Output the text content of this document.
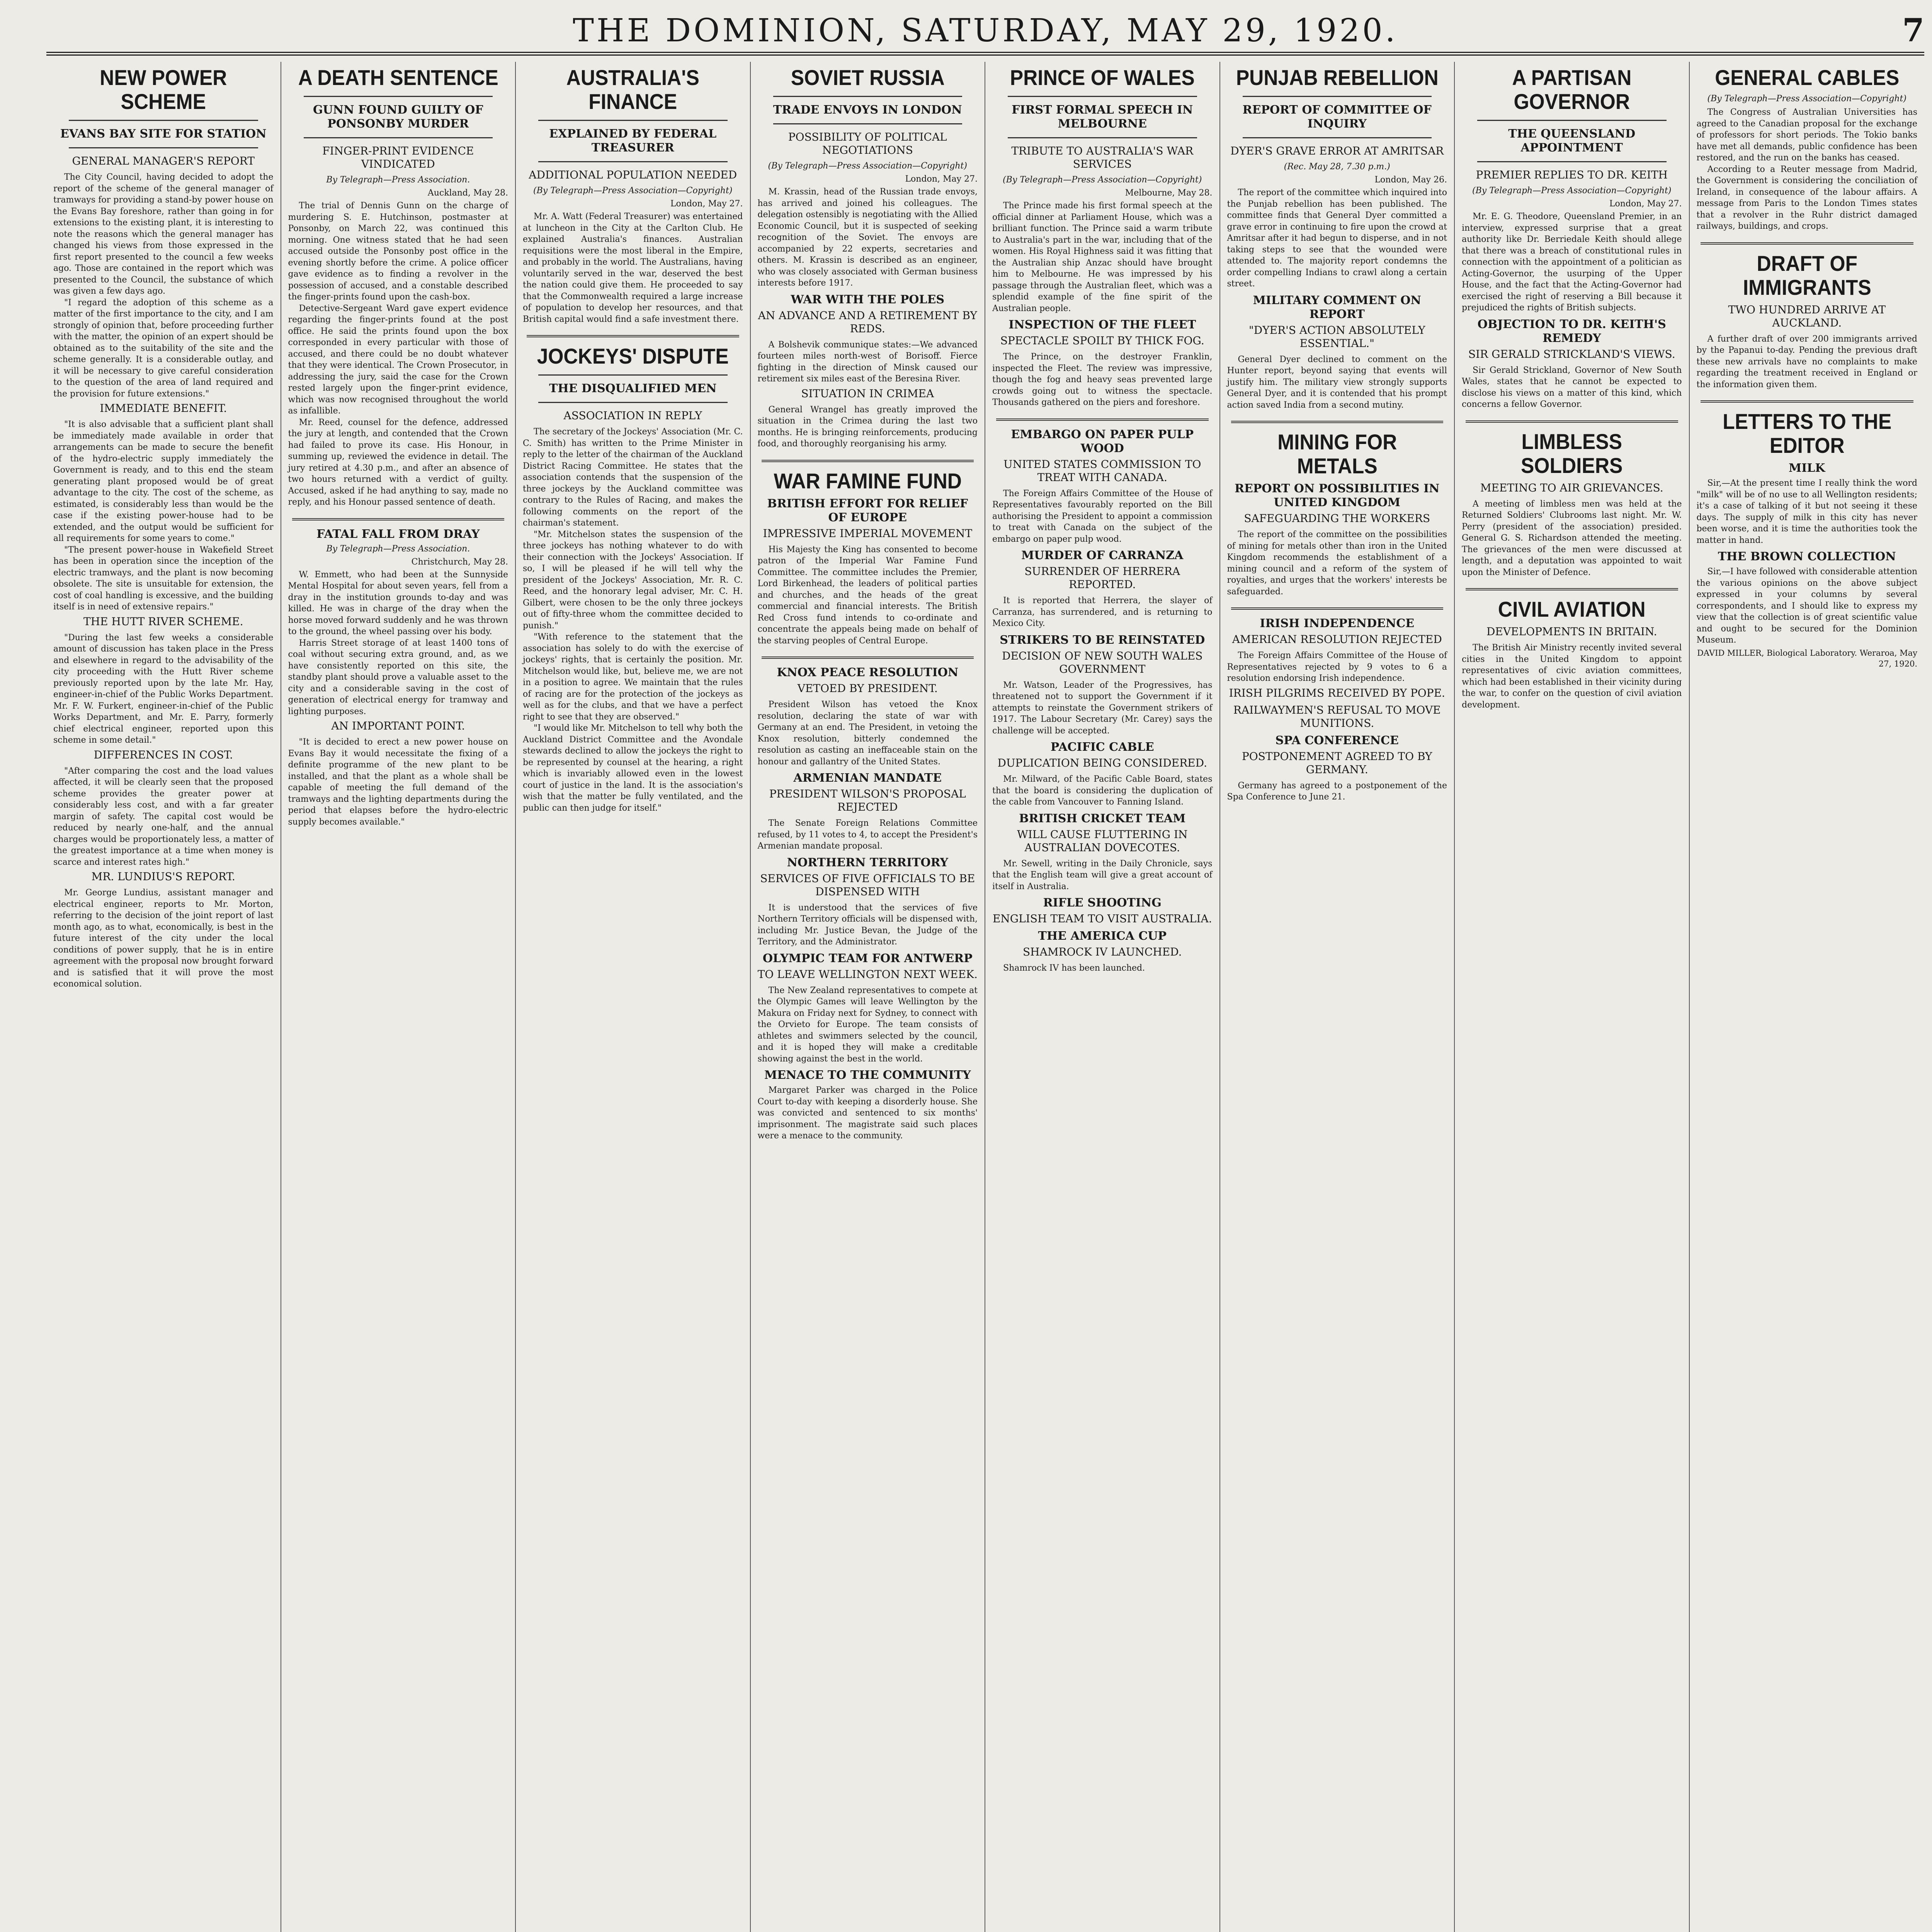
THE DOMINION, SATURDAY, MAY 29, 1920.	7
NEW POWER SCHEME
EVANS BAY SITE FOR STATION
GENERAL MANAGER'S REPORT

The City Council, having decided to adopt the report of the scheme of the general manager of tramways for providing a stand-by power house on the Evans Bay foreshore, rather than going in for extensions to the existing plant, it is interesting to note the reasons which the general manager has changed his views from those expressed in the first report presented to the council a few weeks ago. Those are contained in the report which was presented to the Council, the substance of which was given a few days ago.

"I regard the adoption of this scheme as a matter of the first importance to the city, and I am strongly of opinion that, before proceeding further with the matter, the opinion of an expert should be obtained as to the suitability of the site and the scheme generally. It is a considerable outlay, and it will be necessary to give careful consideration to the question of the area of land required and the provision for future extensions."

IMMEDIATE BENEFIT.

"It is also advisable that a sufficient plant shall be immediately made available in order that arrangements can be made to secure the benefit of the hydro-electric supply immediately the Government is ready, and to this end the steam generating plant proposed would be of great advantage to the city. The cost of the scheme, as estimated, is considerably less than would be the case if the existing power-house had to be extended, and the output would be sufficient for all requirements for some years to come."

"The present power-house in Wakefield Street has been in operation since the inception of the electric tramways, and the plant is now becoming obsolete. The site is unsuitable for extension, the cost of coal handling is excessive, and the building itself is in need of extensive repairs."

THE HUTT RIVER SCHEME.

"During the last few weeks a considerable amount of discussion has taken place in the Press and elsewhere in regard to the advisability of the city proceeding with the Hutt River scheme previously reported upon by the late Mr. Hay, engineer-in-chief of the Public Works Department. Mr. F. W. Furkert, engineer-in-chief of the Public Works Department, and Mr. E. Parry, formerly chief electrical engineer, reported upon this scheme in some detail."

DIFFERENCES IN COST.

"After comparing the cost and the load values affected, it will be clearly seen that the proposed scheme provides the greater power at considerably less cost, and with a far greater margin of safety. The capital cost would be reduced by nearly one-half, and the annual charges would be proportionately less, a matter of the greatest importance at a time when money is scarce and interest rates high."

MR. LUNDIUS'S REPORT.

Mr. George Lundius, assistant manager and electrical engineer, reports to Mr. Morton, referring to the decision of the joint report of last month ago, as to what, economically, is best in the future interest of the city under the local conditions of power supply, that he is in entire agreement with the proposal now brought forward and is satisfied that it will prove the most economical solution.

A DEATH SENTENCE
GUNN FOUND GUILTY OF PONSONBY MURDER
FINGER-PRINT EVIDENCE VINDICATED
By Telegraph—Press Association.
Auckland, May 28.

The trial of Dennis Gunn on the charge of murdering S. E. Hutchinson, postmaster at Ponsonby, on March 22, was continued this morning. One witness stated that he had seen accused outside the Ponsonby post office in the evening shortly before the crime. A police officer gave evidence as to finding a revolver in the possession of accused, and a constable described the finger-prints found upon the cash-box.

Detective-Sergeant Ward gave expert evidence regarding the finger-prints found at the post office. He said the prints found upon the box corresponded in every particular with those of accused, and there could be no doubt whatever that they were identical. The Crown Prosecutor, in addressing the jury, said the case for the Crown rested largely upon the finger-print evidence, which was now recognised throughout the world as infallible.

Mr. Reed, counsel for the defence, addressed the jury at length, and contended that the Crown had failed to prove its case. His Honour, in summing up, reviewed the evidence in detail. The jury retired at 4.30 p.m., and after an absence of two hours returned with a verdict of guilty. Accused, asked if he had anything to say, made no reply, and his Honour passed sentence of death.

FATAL FALL FROM DRAY
By Telegraph—Press Association.
Christchurch, May 28.

W. Emmett, who had been at the Sunnyside Mental Hospital for about seven years, fell from a dray in the institution grounds to-day and was killed. He was in charge of the dray when the horse moved forward suddenly and he was thrown to the ground, the wheel passing over his body.

Harris Street storage of at least 1400 tons of coal without securing extra ground, and, as we have consistently reported on this site, the standby plant should prove a valuable asset to the city and a considerable saving in the cost of generation of electrical energy for tramway and lighting purposes.

AN IMPORTANT POINT.

"It is decided to erect a new power house on Evans Bay it would necessitate the fixing of a definite programme of the new plant to be installed, and that the plant as a whole shall be capable of meeting the full demand of the tramways and the lighting departments during the period that elapses before the hydro-electric supply becomes available."

AUSTRALIA'S FINANCE
EXPLAINED BY FEDERAL TREASURER
ADDITIONAL POPULATION NEEDED
(By Telegraph—Press Association—Copyright)
London, May 27.

Mr. A. Watt (Federal Treasurer) was entertained at luncheon in the City at the Carlton Club. He explained Australia's finances. Australian requisitions were the most liberal in the Empire, and probably in the world. The Australians, having voluntarily served in the war, deserved the best the nation could give them. He proceeded to say that the Commonwealth required a large increase of population to develop her resources, and that British capital would find a safe investment there.

JOCKEYS' DISPUTE
THE DISQUALIFIED MEN
ASSOCIATION IN REPLY

The secretary of the Jockeys' Association (Mr. C. C. Smith) has written to the Prime Minister in reply to the letter of the chairman of the Auckland District Racing Committee. He states that the association contends that the suspension of the three jockeys by the Auckland committee was contrary to the Rules of Racing, and makes the following comments on the report of the chairman's statement.

"Mr. Mitchelson states the suspension of the three jockeys has nothing whatever to do with their connection with the Jockeys' Association. If so, I will be pleased if he will tell why the president of the Jockeys' Association, Mr. R. C. Reed, and the honorary legal adviser, Mr. C. H. Gilbert, were chosen to be the only three jockeys out of fifty-three whom the committee decided to punish."

"With reference to the statement that the association has solely to do with the exercise of jockeys' rights, that is certainly the position. Mr. Mitchelson would like, but, believe me, we are not in a position to agree. We maintain that the rules of racing are for the protection of the jockeys as well as for the clubs, and that we have a perfect right to see that they are observed."

"I would like Mr. Mitchelson to tell why both the Auckland District Committee and the Avondale stewards declined to allow the jockeys the right to be represented by counsel at the hearing, a right which is invariably allowed even in the lowest court of justice in the land. It is the association's wish that the matter be fully ventilated, and the public can then judge for itself."

SOVIET RUSSIA
TRADE ENVOYS IN LONDON
POSSIBILITY OF POLITICAL NEGOTIATIONS
(By Telegraph—Press Association—Copyright)
London, May 27.

M. Krassin, head of the Russian trade envoys, has arrived and joined his colleagues. The delegation ostensibly is negotiating with the Allied Economic Council, but it is suspected of seeking recognition of the Soviet. The envoys are accompanied by 22 experts, secretaries and others. M. Krassin is described as an engineer, who was closely associated with German business interests before 1917.

WAR WITH THE POLES
AN ADVANCE AND A RETIREMENT BY REDS.

A Bolshevik communique states:—We advanced fourteen miles north-west of Borisoff. Fierce fighting in the direction of Minsk caused our retirement six miles east of the Beresina River.

SITUATION IN CRIMEA

General Wrangel has greatly improved the situation in the Crimea during the last two months. He is bringing reinforcements, producing food, and thoroughly reorganising his army.

WAR FAMINE FUND
BRITISH EFFORT FOR RELIEF OF EUROPE
IMPRESSIVE IMPERIAL MOVEMENT

His Majesty the King has consented to become patron of the Imperial War Famine Fund Committee. The committee includes the Premier, Lord Birkenhead, the leaders of political parties and churches, and the heads of the great commercial and financial interests. The British Red Cross fund intends to co-ordinate and concentrate the appeals being made on behalf of the starving peoples of Central Europe.

KNOX PEACE RESOLUTION
VETOED BY PRESIDENT.

President Wilson has vetoed the Knox resolution, declaring the state of war with Germany at an end. The President, in vetoing the Knox resolution, bitterly condemned the resolution as casting an ineffaceable stain on the honour and gallantry of the United States.

ARMENIAN MANDATE
PRESIDENT WILSON'S PROPOSAL REJECTED

The Senate Foreign Relations Committee refused, by 11 votes to 4, to accept the President's Armenian mandate proposal.

NORTHERN TERRITORY
SERVICES OF FIVE OFFICIALS TO BE DISPENSED WITH

It is understood that the services of five Northern Territory officials will be dispensed with, including Mr. Justice Bevan, the Judge of the Territory, and the Administrator.

OLYMPIC TEAM FOR ANTWERP
TO LEAVE WELLINGTON NEXT WEEK.

The New Zealand representatives to compete at the Olympic Games will leave Wellington by the Makura on Friday next for Sydney, to connect with the Orvieto for Europe. The team consists of athletes and swimmers selected by the council, and it is hoped they will make a creditable showing against the best in the world.

MENACE TO THE COMMUNITY

Margaret Parker was charged in the Police Court to-day with keeping a disorderly house. She was convicted and sentenced to six months' imprisonment. The magistrate said such places were a menace to the community.

PRINCE OF WALES
FIRST FORMAL SPEECH IN MELBOURNE
TRIBUTE TO AUSTRALIA'S WAR SERVICES
(By Telegraph—Press Association—Copyright)
Melbourne, May 28.

The Prince made his first formal speech at the official dinner at Parliament House, which was a brilliant function. The Prince said a warm tribute to Australia's part in the war, including that of the women. His Royal Highness said it was fitting that the Australian ship Anzac should have brought him to Melbourne. He was impressed by his passage through the Australian fleet, which was a splendid example of the fine spirit of the Australian people.

INSPECTION OF THE FLEET
SPECTACLE SPOILT BY THICK FOG.

The Prince, on the destroyer Franklin, inspected the Fleet. The review was impressive, though the fog and heavy seas prevented large crowds going out to witness the spectacle. Thousands gathered on the piers and foreshore.

EMBARGO ON PAPER PULP WOOD
UNITED STATES COMMISSION TO TREAT WITH CANADA.

The Foreign Affairs Committee of the House of Representatives favourably reported on the Bill authorising the President to appoint a commission to treat with Canada on the subject of the embargo on paper pulp wood.

MURDER OF CARRANZA
SURRENDER OF HERRERA REPORTED.

It is reported that Herrera, the slayer of Carranza, has surrendered, and is returning to Mexico City.

STRIKERS TO BE REINSTATED
DECISION OF NEW SOUTH WALES GOVERNMENT

Mr. Watson, Leader of the Progressives, has threatened not to support the Government if it attempts to reinstate the Government strikers of 1917. The Labour Secretary (Mr. Carey) says the challenge will be accepted.

PACIFIC CABLE
DUPLICATION BEING CONSIDERED.

Mr. Milward, of the Pacific Cable Board, states that the board is considering the duplication of the cable from Vancouver to Fanning Island.

BRITISH CRICKET TEAM
WILL CAUSE FLUTTERING IN AUSTRALIAN DOVECOTES.

Mr. Sewell, writing in the Daily Chronicle, says that the English team will give a great account of itself in Australia.

RIFLE SHOOTING
ENGLISH TEAM TO VISIT AUSTRALIA.
THE AMERICA CUP
SHAMROCK IV LAUNCHED.

Shamrock IV has been launched.

PUNJAB REBELLION
REPORT OF COMMITTEE OF INQUIRY
DYER'S GRAVE ERROR AT AMRITSAR
(Rec. May 28, 7.30 p.m.)
London, May 26.

The report of the committee which inquired into the Punjab rebellion has been published. The committee finds that General Dyer committed a grave error in continuing to fire upon the crowd at Amritsar after it had begun to disperse, and in not taking steps to see that the wounded were attended to. The majority report condemns the order compelling Indians to crawl along a certain street.

MILITARY COMMENT ON REPORT
"DYER'S ACTION ABSOLUTELY ESSENTIAL."

General Dyer declined to comment on the Hunter report, beyond saying that events will justify him. The military view strongly supports General Dyer, and it is contended that his prompt action saved India from a second mutiny.

MINING FOR METALS
REPORT ON POSSIBILITIES IN UNITED KINGDOM
SAFEGUARDING THE WORKERS

The report of the committee on the possibilities of mining for metals other than iron in the United Kingdom recommends the establishment of a mining council and a reform of the system of royalties, and urges that the workers' interests be safeguarded.

IRISH INDEPENDENCE
AMERICAN RESOLUTION REJECTED

The Foreign Affairs Committee of the House of Representatives rejected by 9 votes to 6 a resolution endorsing Irish independence.

IRISH PILGRIMS RECEIVED BY POPE.
RAILWAYMEN'S REFUSAL TO MOVE MUNITIONS.
SPA CONFERENCE
POSTPONEMENT AGREED TO BY GERMANY.

Germany has agreed to a postponement of the Spa Conference to June 21.

A PARTISAN GOVERNOR
THE QUEENSLAND APPOINTMENT
PREMIER REPLIES TO DR. KEITH
(By Telegraph—Press Association—Copyright)
London, May 27.

Mr. E. G. Theodore, Queensland Premier, in an interview, expressed surprise that a great authority like Dr. Berriedale Keith should allege that there was a breach of constitutional rules in connection with the appointment of a politician as Acting-Governor, the usurping of the Upper House, and the fact that the Acting-Governor had exercised the right of reserving a Bill because it prejudiced the rights of British subjects.

OBJECTION TO DR. KEITH'S REMEDY
SIR GERALD STRICKLAND'S VIEWS.

Sir Gerald Strickland, Governor of New South Wales, states that he cannot be expected to disclose his views on a matter of this kind, which concerns a fellow Governor.

LIMBLESS SOLDIERS
MEETING TO AIR GRIEVANCES.

A meeting of limbless men was held at the Returned Soldiers' Clubrooms last night. Mr. W. Perry (president of the association) presided. General G. S. Richardson attended the meeting. The grievances of the men were discussed at length, and a deputation was appointed to wait upon the Minister of Defence.

CIVIL AVIATION
DEVELOPMENTS IN BRITAIN.

The British Air Ministry recently invited several cities in the United Kingdom to appoint representatives of civic aviation committees, which had been established in their vicinity during the war, to confer on the question of civil aviation development.

GENERAL CABLES
(By Telegraph—Press Association—Copyright)

The Congress of Australian Universities has agreed to the Canadian proposal for the exchange of professors for short periods. The Tokio banks have met all demands, public confidence has been restored, and the run on the banks has ceased.

According to a Reuter message from Madrid, the Government is considering the conciliation of Ireland, in consequence of the labour affairs. A message from Paris to the London Times states that a revolver in the Ruhr district damaged railways, buildings, and crops.

DRAFT OF IMMIGRANTS
TWO HUNDRED ARRIVE AT AUCKLAND.

A further draft of over 200 immigrants arrived by the Papanui to-day. Pending the previous draft these new arrivals have no complaints to make regarding the treatment received in England or the information given them.

LETTERS TO THE EDITOR
MILK

Sir,—At the present time I really think the word "milk" will be of no use to all Wellington residents; it's a case of talking of it but not seeing it these days. The supply of milk in this city has never been worse, and it is time the authorities took the matter in hand.

THE BROWN COLLECTION

Sir,—I have followed with considerable attention the various opinions on the above subject expressed in your columns by several correspondents, and I should like to express my view that the collection is of great scientific value and ought to be secured for the Dominion Museum.

DAVID MILLER, Biological Laboratory. Weraroa, May 27, 1920.
